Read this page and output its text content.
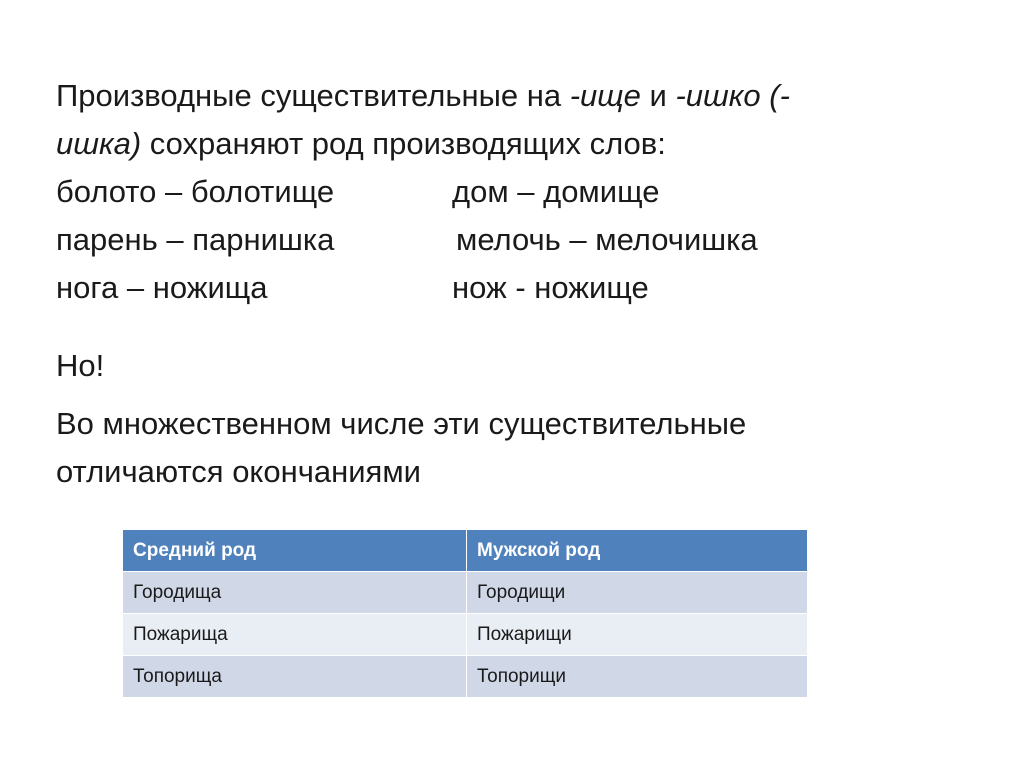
Производные существительные на -ище и -ишко (-
ишка) сохраняют род производящих слов:
болото – болотище	дом – домище
парень – парнишка	мелочь – мелочишка
нога – ножища	нож - ножище
Но!
Во множественном числе эти существительные
отличаются окончаниями
Средний род	Мужской род
Городища	Городищи
Пожарища	Пожарищи
Топорища	Топорищи
